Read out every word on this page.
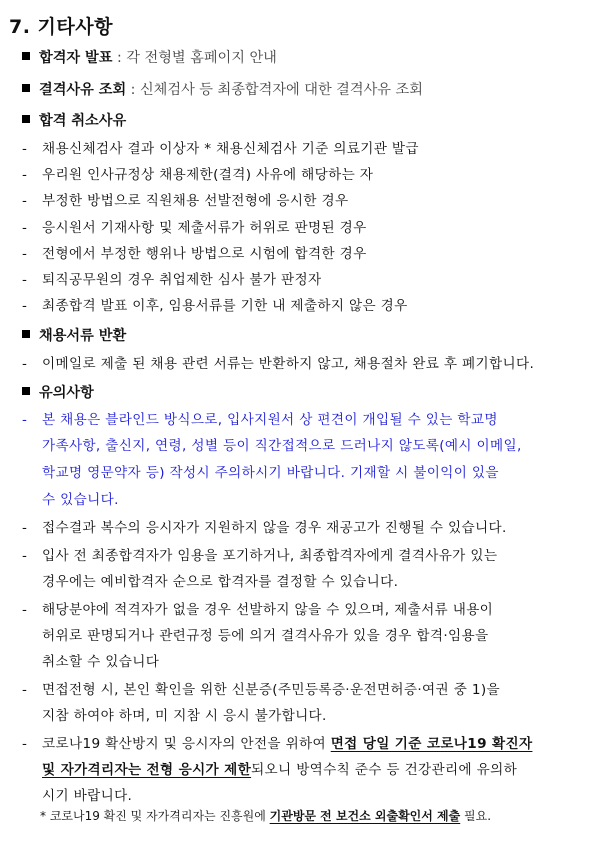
7. 기타사항
합격자 발표 : 각 전형별 홈페이지 안내
결격사유 조회 : 신체검사 등 최종합격자에 대한 결격사유 조회
합격 취소사유
- 채용신체검사 결과 이상자 * 채용신체검사 기준 의료기관 발급
- 우리원 인사규정상 채용제한(결격) 사유에 해당하는 자
- 부정한 방법으로 직원채용 선발전형에 응시한 경우
- 응시원서 기재사항 및 제출서류가 허위로 판명된 경우
- 전형에서 부정한 행위나 방법으로 시험에 합격한 경우
- 퇴직공무원의 경우 취업제한 심사 불가 판정자
- 최종합격 발표 이후, 임용서류를 기한 내 제출하지 않은 경우
채용서류 반환
- 이메일로 제출 된 채용 관련 서류는 반환하지 않고, 채용절차 완료 후 폐기합니다.
유의사항
- 본 채용은 블라인드 방식으로, 입사지원서 상 편견이 개입될 수 있는 학교명
가족사항, 출신지, 연령, 성별 등이 직간접적으로 드러나지 않도록(예시 이메일,
학교명 영문약자 등) 작성시 주의하시기 바랍니다. 기재할 시 불이익이 있을
수 있습니다.
- 접수결과 복수의 응시자가 지원하지 않을 경우 재공고가 진행될 수 있습니다.
- 입사 전 최종합격자가 임용을 포기하거나, 최종합격자에게 결격사유가 있는
경우에는 예비합격자 순으로 합격자를 결정할 수 있습니다.
- 해당분야에 적격자가 없을 경우 선발하지 않을 수 있으며, 제출서류 내용이
허위로 판명되거나 관련규정 등에 의거 결격사유가 있을 경우 합격·임용을
취소할 수 있습니다
- 면접전형 시, 본인 확인을 위한 신분증(주민등록증·운전면허증·여권 중 1)을
지참 하여야 하며, 미 지참 시 응시 불가합니다.
- 코로나19 확산방지 및 응시자의 안전을 위하여 면접 당일 기준 코로나19 확진자
및 자가격리자는 전형 응시가 제한되오니 방역수칙 준수 등 건강관리에 유의하
시기 바랍니다.
* 코로나19 확진 및 자가격리자는 진흥원에 기관방문 전 보건소 외출확인서 제출 필요.
